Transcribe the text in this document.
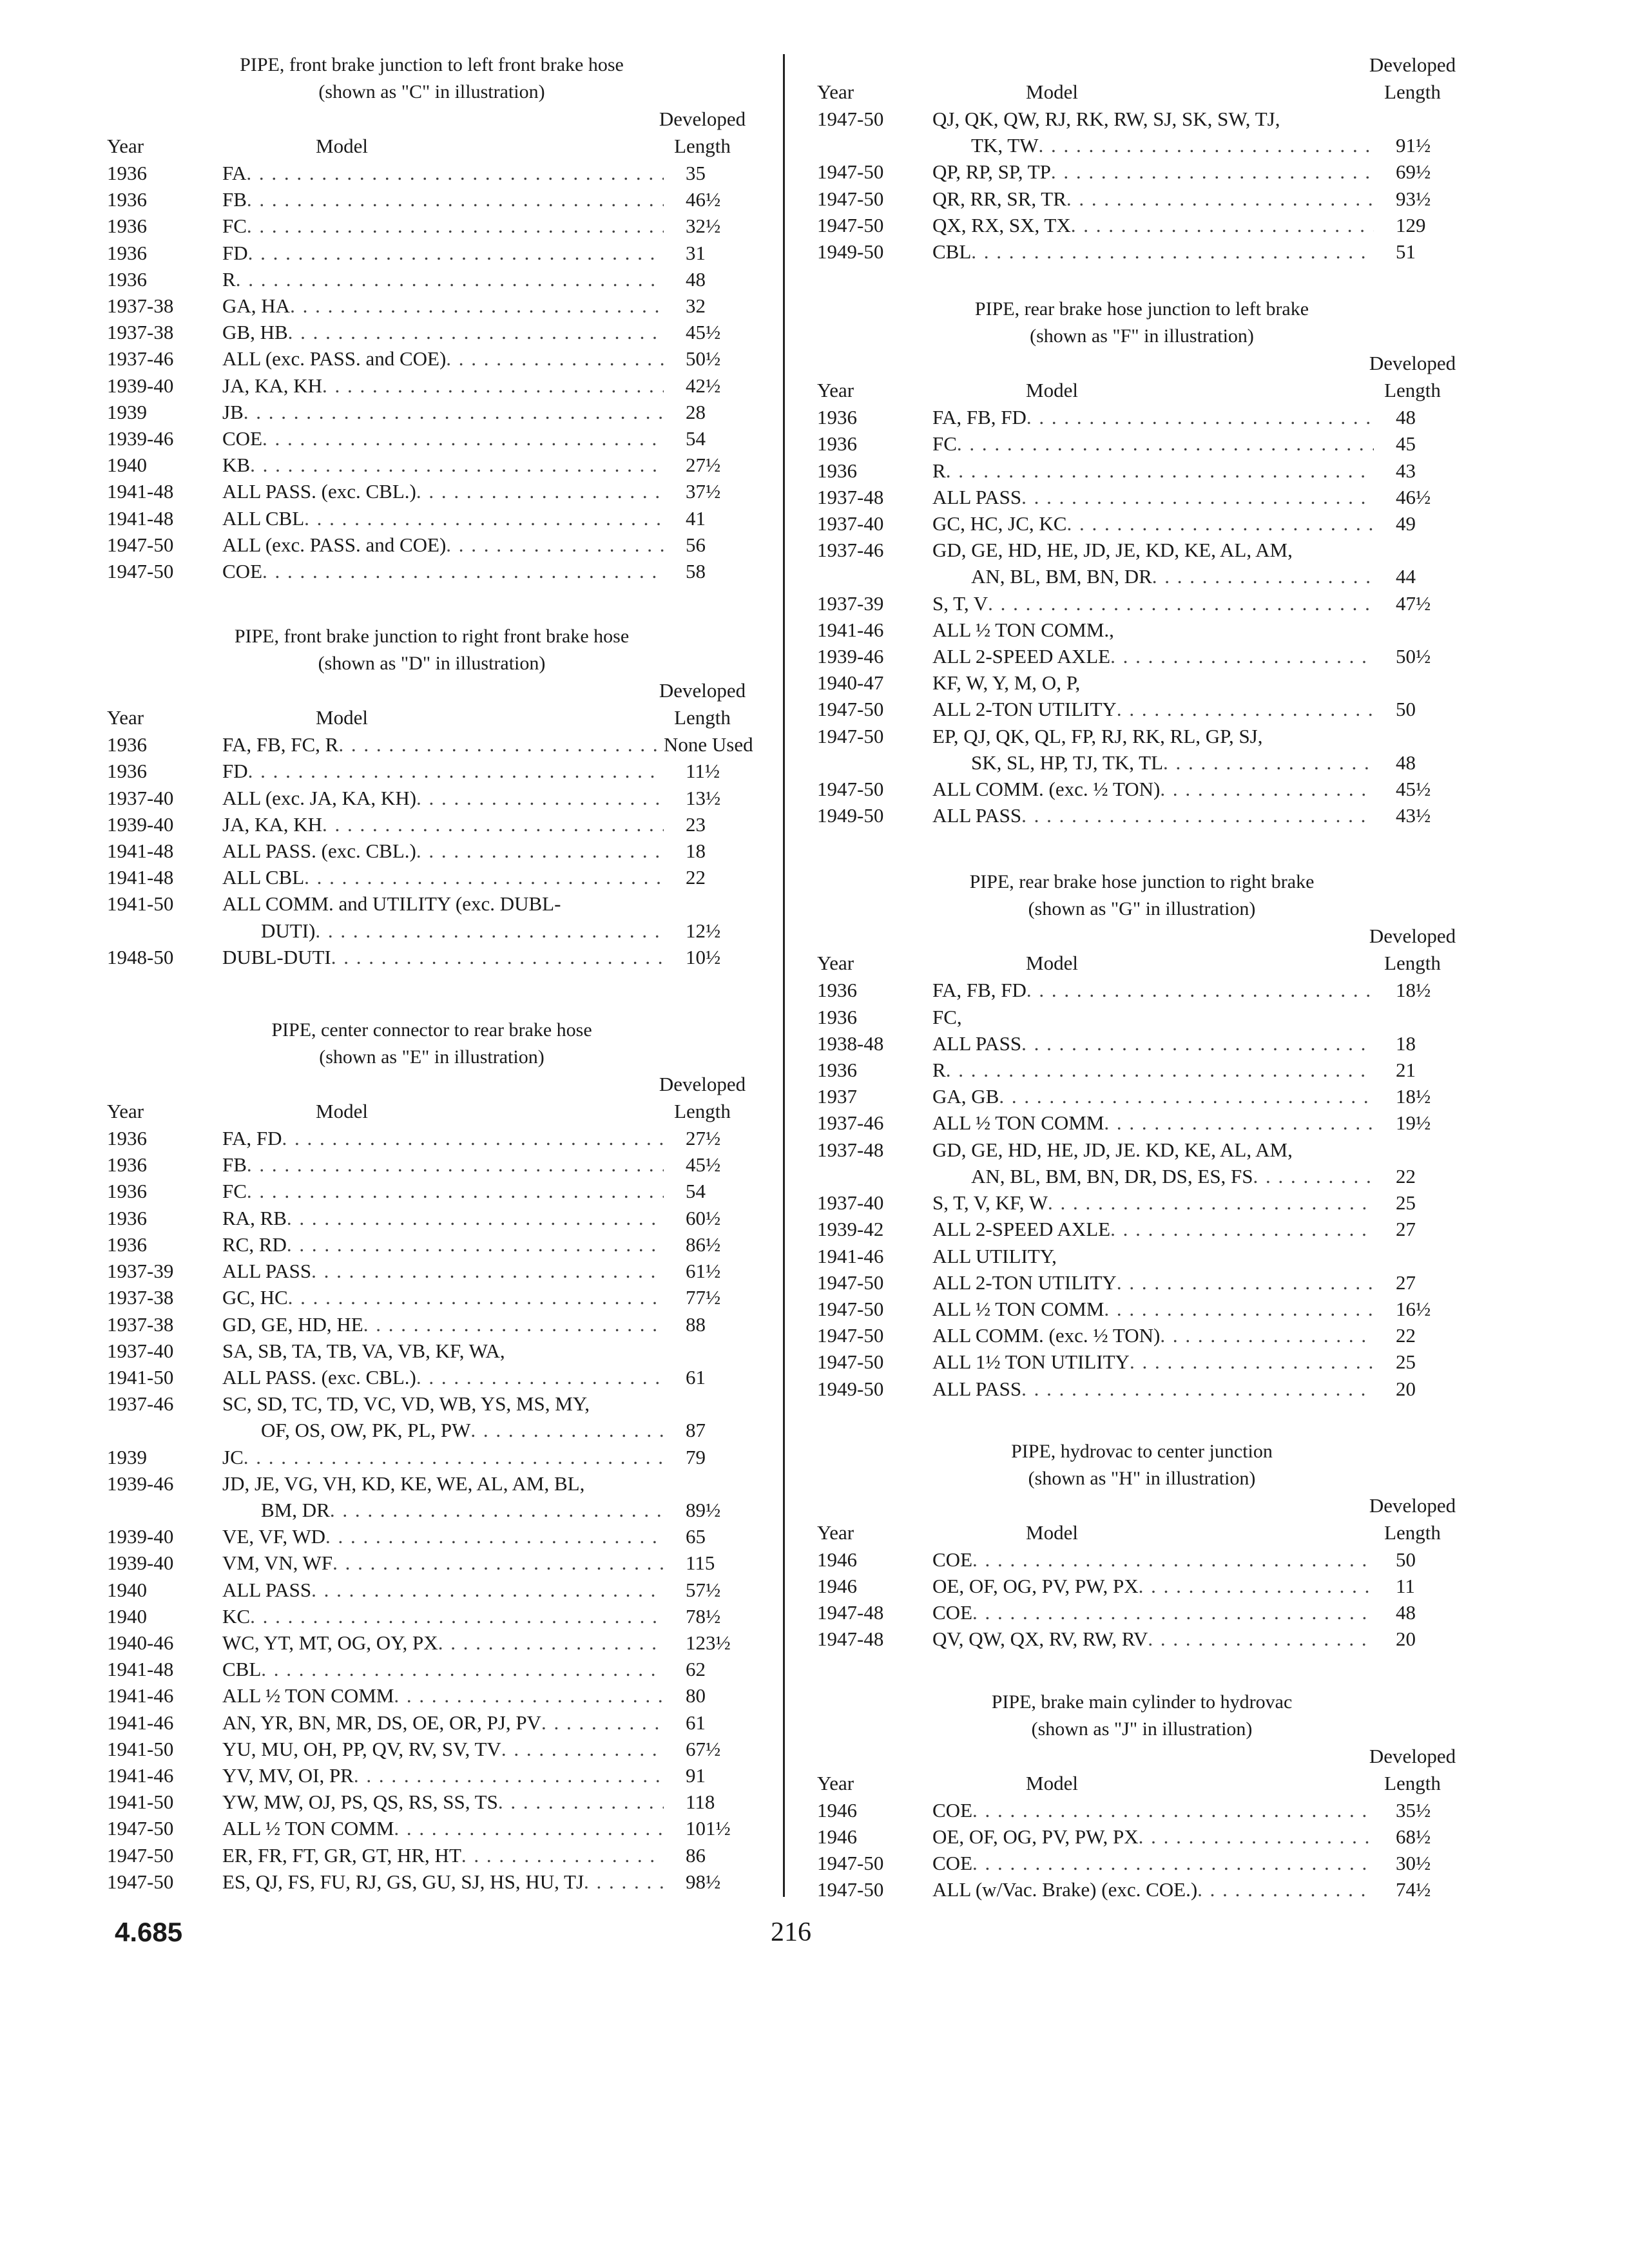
PIPE, front brake junction to left front brake hose
(shown as "C" in illustration)
Year	Model
Developed
Length
1936	FA . . .	35
1936	FB . . .	46½
1936	FC . . .	32½
1936	FD . . .	31
1936	R . . .	48
1937-38	GA, HA . . .	32
1937-38	GB, HB . . .	45½
1937-46	ALL (exc. PASS. and COE) . . .	50½
1939-40	JA, KA, KH . . .	42½
1939	JB . . .	28
1939-46	COE . . .	54
1940	KB . . .	27½
1941-48	ALL PASS. (exc. CBL.) . . .	37½
1941-48	ALL CBL . . .	41
1947-50	ALL (exc. PASS. and COE) . . .	56
1947-50	COE . . .	58
PIPE, front brake junction to right front brake hose
(shown as "D" in illustration)
Year	Model
Developed
Length
1936	FA, FB, FC, R . . .	None Used
1936	FD . . .	11½
1937-40	ALL (exc. JA, KA, KH) . . .	13½
1939-40	JA, KA, KH . . .	23
1941-48	ALL PASS. (exc. CBL.) . . .	18
1941-48	ALL CBL . . .	22
1941-50	ALL COMM. and UTILITY (exc. DUBL-
DUTI) . . .	12½
1948-50	DUBL-DUTI . . .	10½
PIPE, center connector to rear brake hose
(shown as "E" in illustration)
Year	Model
Developed
Length
1936	FA, FD . . .	27½
1936	FB . . .	45½
1936	FC . . .	54
1936	RA, RB . . .	60½
1936	RC, RD . . .	86½
1937-39	ALL PASS . . .	61½
1937-38	GC, HC . . .	77½
1937-38	GD, GE, HD, HE . . .	88
1937-40	SA, SB, TA, TB, VA, VB, KF, WA,
1941-50	ALL PASS. (exc. CBL.) . . .	61
1937-46	SC, SD, TC, TD, VC, VD, WB, YS, MS, MY,
OF, OS, OW, PK, PL, PW . . .	87
1939	JC . . .	79
1939-46	JD, JE, VG, VH, KD, KE, WE, AL, AM, BL,
BM, DR . . .	89½
1939-40	VE, VF, WD . . .	65
1939-40	VM, VN, WF . . .	115
1940	ALL PASS . . .	57½
1940	KC . . .	78½
1940-46	WC, YT, MT, OG, OY, PX . . .	123½
1941-48	CBL . . .	62
1941-46	ALL ½ TON COMM . . .	80
1941-46	AN, YR, BN, MR, DS, OE, OR, PJ, PV . . .	61
1941-50	YU, MU, OH, PP, QV, RV, SV, TV . . .	67½
1941-46	YV, MV, OI, PR . . .	91
1941-50	YW, MW, OJ, PS, QS, RS, SS, TS . . .	118
1947-50	ALL ½ TON COMM . . .	101½
1947-50	ER, FR, FT, GR, GT, HR, HT . . .	86
1947-50	ES, QJ, FS, FU, RJ, GS, GU, SJ, HS, HU, TJ . . .	98½
Year	Model
Developed
Length
1947-50	QJ, QK, QW, RJ, RK, RW, SJ, SK, SW, TJ,
TK, TW . . .	91½
1947-50	QP, RP, SP, TP . . .	69½
1947-50	QR, RR, SR, TR . . .	93½
1947-50	QX, RX, SX, TX . . .	129
1949-50	CBL . . .	51
PIPE, rear brake hose junction to left brake
(shown as "F" in illustration)
Year	Model
Developed
Length
1936	FA, FB, FD . . .	48
1936	FC . . .	45
1936	R . . .	43
1937-48	ALL PASS . . .	46½
1937-40	GC, HC, JC, KC . . .	49
1937-46	GD, GE, HD, HE, JD, JE, KD, KE, AL, AM,
AN, BL, BM, BN, DR . . .	44
1937-39	S, T, V . . .	47½
1941-46	ALL ½ TON COMM.,
1939-46	ALL 2-SPEED AXLE . . .	50½
1940-47	KF, W, Y, M, O, P,
1947-50	ALL 2-TON UTILITY . . .	50
1947-50	EP, QJ, QK, QL, FP, RJ, RK, RL, GP, SJ,
SK, SL, HP, TJ, TK, TL . . .	48
1947-50	ALL COMM. (exc. ½ TON) . . .	45½
1949-50	ALL PASS . . .	43½
PIPE, rear brake hose junction to right brake
(shown as "G" in illustration)
Year	Model
Developed
Length
1936	FA, FB, FD . . .	18½
1936	FC,
1938-48	ALL PASS . . .	18
1936	R . . .	21
1937	GA, GB . . .	18½
1937-46	ALL ½ TON COMM . . .	19½
1937-48	GD, GE, HD, HE, JD, JE. KD, KE, AL, AM,
AN, BL, BM, BN, DR, DS, ES, FS . . .	22
1937-40	S, T, V, KF, W . . .	25
1939-42	ALL 2-SPEED AXLE . . .	27
1941-46	ALL UTILITY,
1947-50	ALL 2-TON UTILITY . . .	27
1947-50	ALL ½ TON COMM . . .	16½
1947-50	ALL COMM. (exc. ½ TON) . . .	22
1947-50	ALL 1½ TON UTILITY . . .	25
1949-50	ALL PASS . . .	20
PIPE, hydrovac to center junction
(shown as "H" in illustration)
Year	Model
Developed
Length
1946	COE . . .	50
1946	OE, OF, OG, PV, PW, PX . . .	11
1947-48	COE . . .	48
1947-48	QV, QW, QX, RV, RW, RV . . .	20
PIPE, brake main cylinder to hydrovac
(shown as "J" in illustration)
Year	Model
Developed
Length
1946	COE . . .	35½
1946	OE, OF, OG, PV, PW, PX . . .	68½
1947-50	COE . . .	30½
1947-50	ALL (w/Vac. Brake) (exc. COE.) . . .	74½
4.685	216
